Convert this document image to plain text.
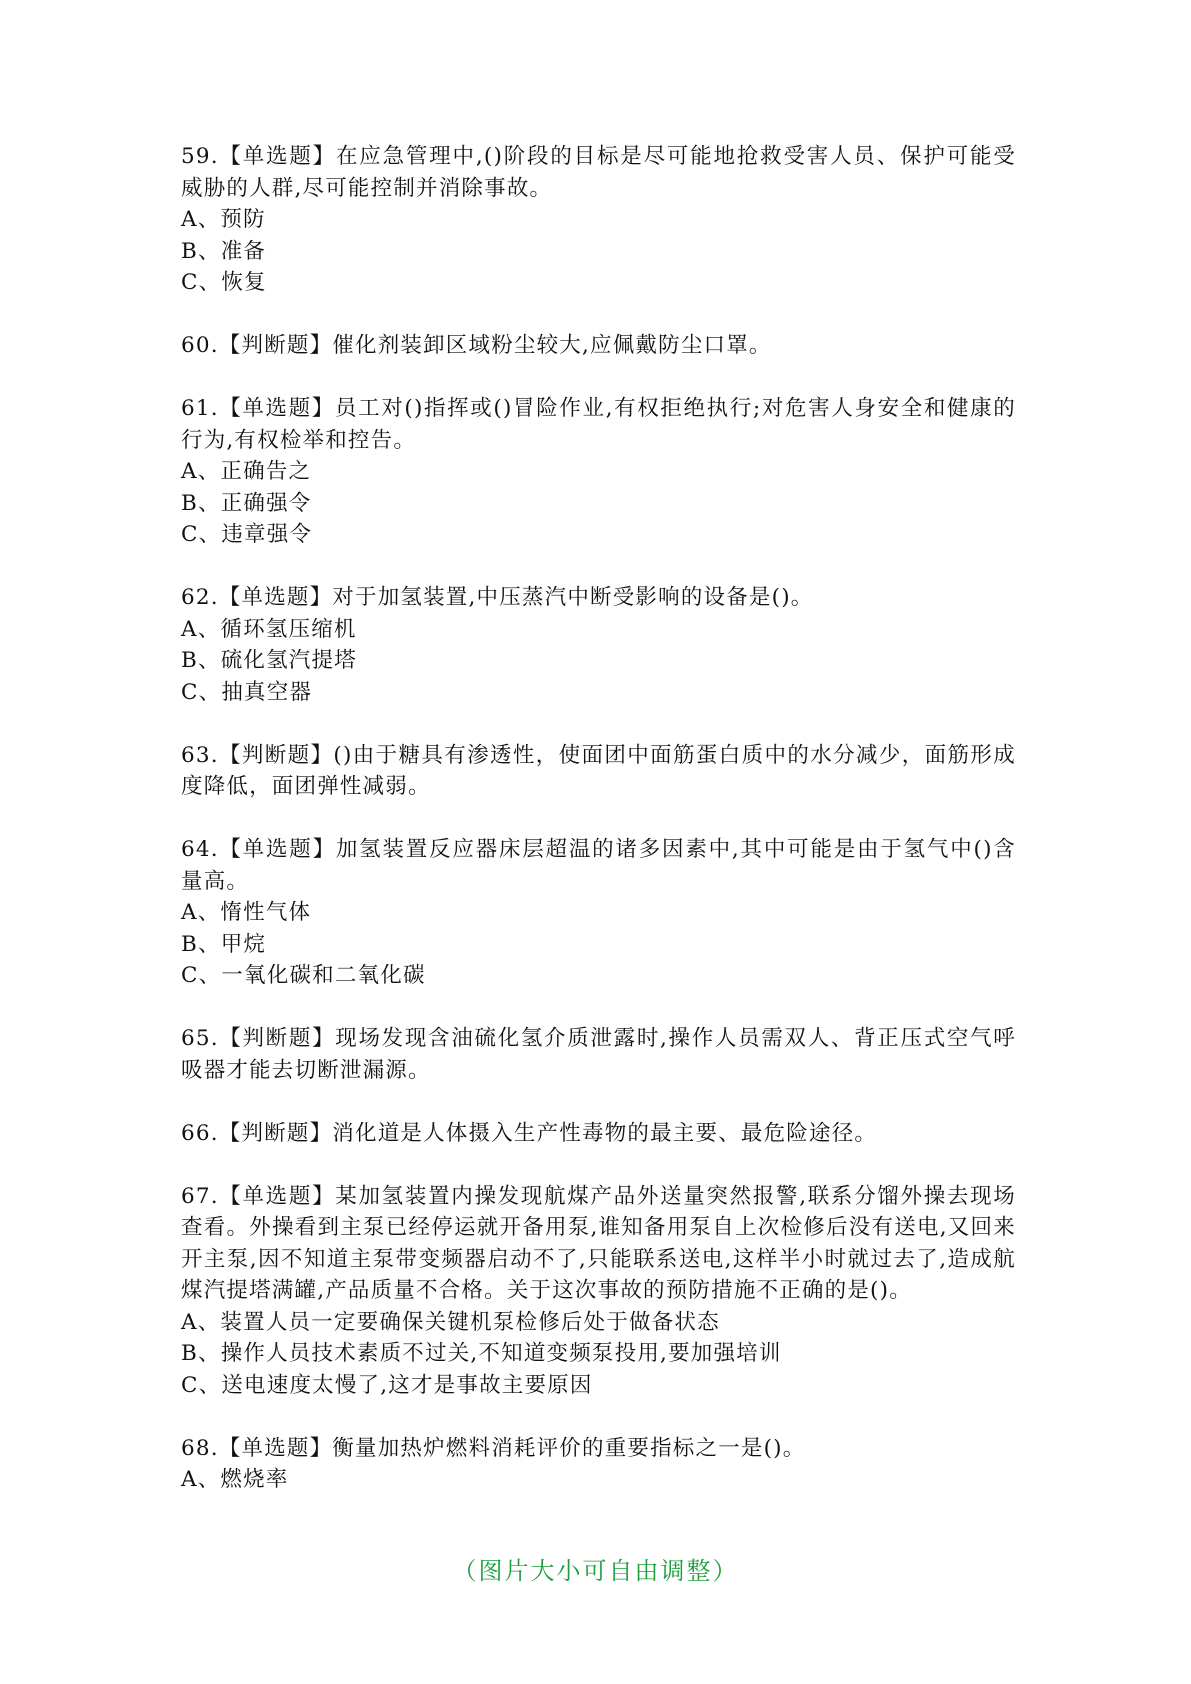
59.【单选题】在应急管理中,()阶段的目标是尽可能地抢救受害人员、保护可能受威胁的人群,尽可能控制并消除事故。

A、预防
B、准备
C、恢复

60.【判断题】催化剂装卸区域粉尘较大,应佩戴防尘口罩。

61.【单选题】员工对()指挥或()冒险作业,有权拒绝执行;对危害人身安全和健康的行为,有权检举和控告。

A、正确告之
B、正确强令
C、违章强令

62.【单选题】对于加氢装置,中压蒸汽中断受影响的设备是()。

A、循环氢压缩机
B、硫化氢汽提塔
C、抽真空器

63.【判断题】()由于糖具有渗透性，使面团中面筋蛋白质中的水分减少，面筋形成度降低，面团弹性减弱。

64.【单选题】加氢装置反应器床层超温的诸多因素中,其中可能是由于氢气中()含量高。

A、惰性气体
B、甲烷
C、一氧化碳和二氧化碳

65.【判断题】现场发现含油硫化氢介质泄露时,操作人员需双人、背正压式空气呼吸器才能去切断泄漏源。

66.【判断题】消化道是人体摄入生产性毒物的最主要、最危险途径。

67.【单选题】某加氢装置内操发现航煤产品外送量突然报警,联系分馏外操去现场查看。外操看到主泵已经停运就开备用泵,谁知备用泵自上次检修后没有送电,又回来开主泵,因不知道主泵带变频器启动不了,只能联系送电,这样半小时就过去了,造成航煤汽提塔满罐,产品质量不合格。关于这次事故的预防措施不正确的是()。

A、装置人员一定要确保关键机泵检修后处于做备状态
B、操作人员技术素质不过关,不知道变频泵投用,要加强培训
C、送电速度太慢了,这才是事故主要原因

68.【单选题】衡量加热炉燃料消耗评价的重要指标之一是()。

A、燃烧率
（图片大小可自由调整）
